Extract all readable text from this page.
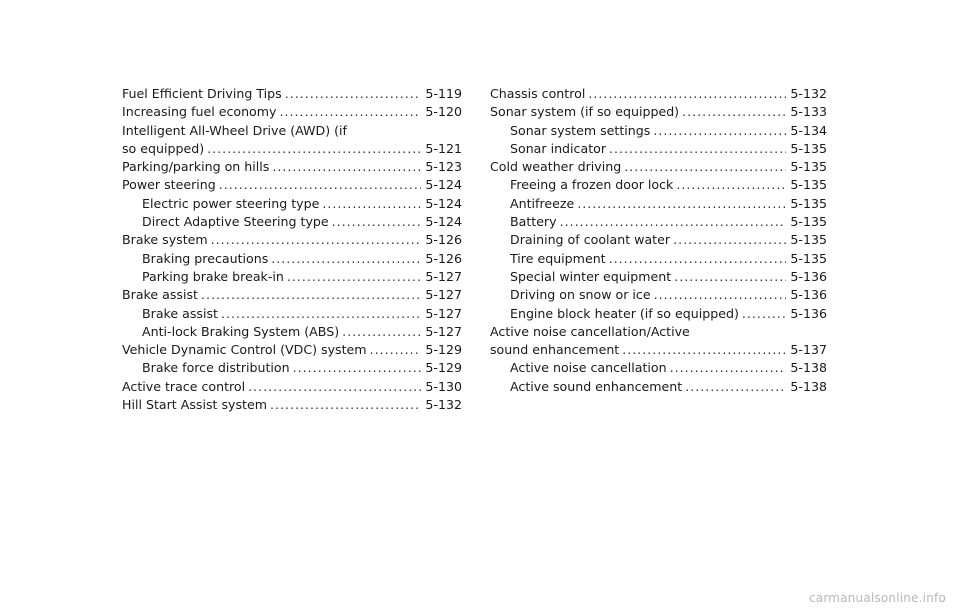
Fuel Efficient Driving Tips .....	5-119
Increasing fuel economy .....	5-120
Intelligent All-Wheel Drive (AWD) (if
so equipped) .....	5-121
Parking/parking on hills .....	5-123
Power steering .....	5-124
Electric power steering type .....	5-124
Direct Adaptive Steering type .....	5-124
Brake system .....	5-126
Braking precautions .....	5-126
Parking brake break-in .....	5-127
Brake assist .....	5-127
Brake assist .....	5-127
Anti-lock Braking System (ABS) .....	5-127
Vehicle Dynamic Control (VDC) system .....	5-129
Brake force distribution .....	5-129
Active trace control .....	5-130
Hill Start Assist system .....	5-132
Chassis control .....	5-132
Sonar system (if so equipped) .....	5-133
Sonar system settings .....	5-134
Sonar indicator .....	5-135
Cold weather driving .....	5-135
Freeing a frozen door lock .....	5-135
Antifreeze .....	5-135
Battery .....	5-135
Draining of coolant water .....	5-135
Tire equipment .....	5-135
Special winter equipment .....	5-136
Driving on snow or ice .....	5-136
Engine block heater (if so equipped) .....	5-136
Active noise cancellation/Active
sound enhancement .....	5-137
Active noise cancellation .....	5-138
Active sound enhancement .....	5-138
carmanualsonline.info
